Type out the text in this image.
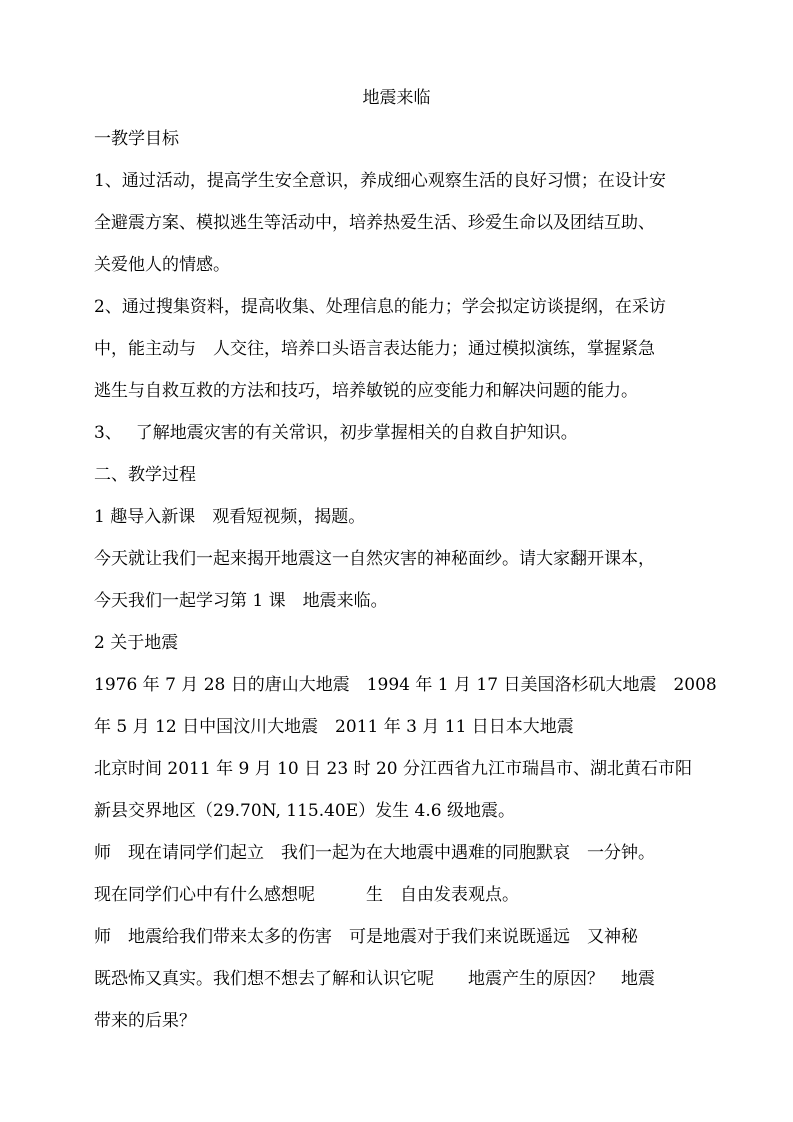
地震来临

一教学目标

1、通过活动，提高学生安全意识，养成细心观察生活的良好习惯；在设计安

全避震方案、模拟逃生等活动中，培养热爱生活、珍爱生命以及团结互助、

关爱他人的情感。

2、通过搜集资料，提高收集、处理信息的能力；学会拟定访谈提纲，在采访

中，能主动与　人交往，培养口头语言表达能力；通过模拟演练，掌握紧急

逃生与自救互救的方法和技巧，培养敏锐的应变能力和解决问题的能力。

3、　 了解地震灾害的有关常识，初步掌握相关的自救自护知识。

二、教学过程

1 趣导入新课　观看短视频，揭题。

今天就让我们一起来揭开地震这一自然灾害的神秘面纱。请大家翻开课本，

今天我们一起学习第 1 课　地震来临。

2 关于地震

1976 年 7 月 28 日的唐山大地震　1994 年 1 月 17 日美国洛杉矶大地震　2008

年 5 月 12 日中国汶川大地震　2011 年 3 月 11 日日本大地震

北京时间 2011 年 9 月 10 日 23 时 20 分江西省九江市瑞昌市、湖北黄石市阳

新县交界地区（29.70N, 115.40E）发生 4.6 级地震。

师　现在请同学们起立　我们一起为在大地震中遇难的同胞默哀　一分钟。

现在同学们心中有什么感想呢　　　生　自由发表观点。

师　地震给我们带来太多的伤害　可是地震对于我们来说既遥远　又神秘

既恐怖又真实。我们想不想去了解和认识它呢　　地震产生的原因？　地震

带来的后果？
